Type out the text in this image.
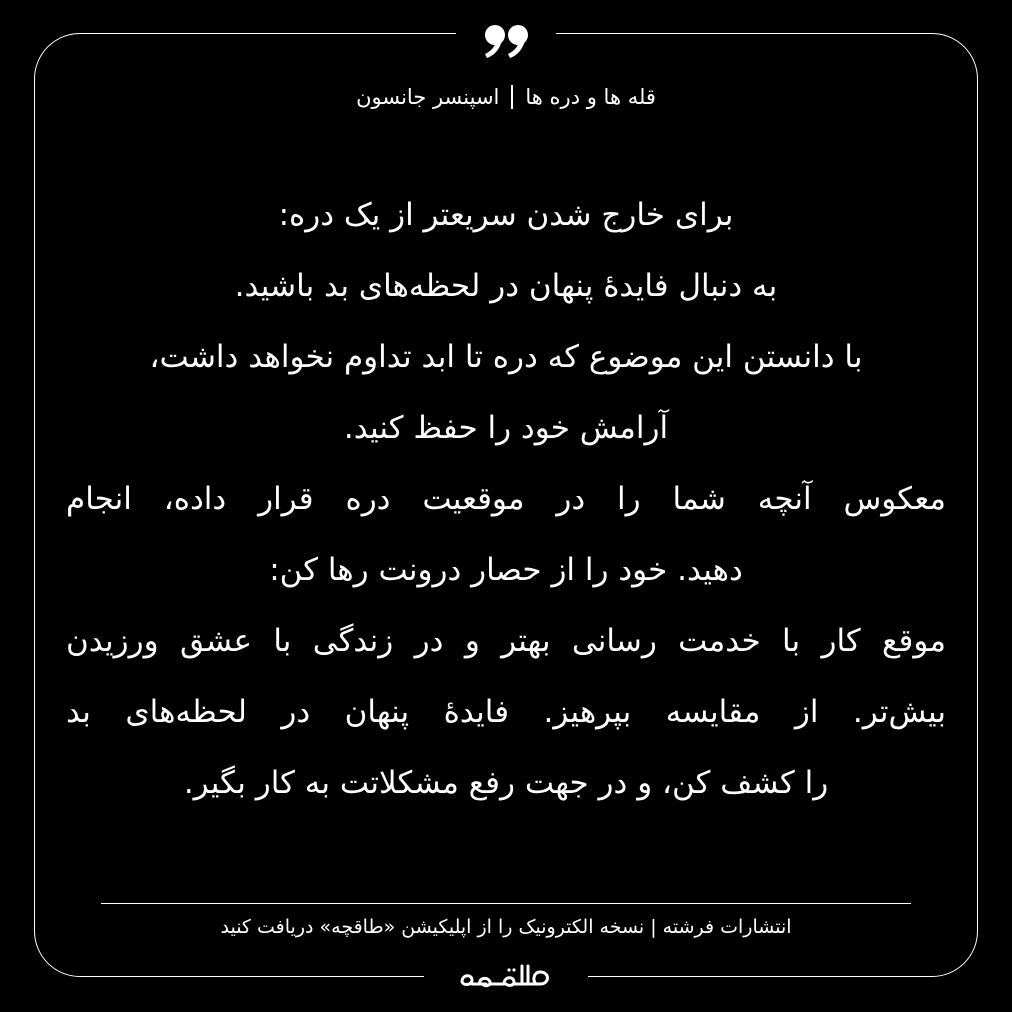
قله ها و دره ها
اسپنسر جانسون
برای خارج شدن سریعتر از یک دره:
به دنبال فایدهٔ پنهان در لحظه‌های بد باشید.
با دانستن این موضوع که دره تا ابد تداوم نخواهد داشت،
آرامش خود را حفظ کنید.
معکوس آنچه شما را در موقعیت دره قرار داده، انجام
دهید. خود را از حصار درونت رها کن:
موقع کار با خدمت رسانی بهتر و در زندگی با عشق ورزیدن
بیش‌تر. از مقایسه بپرهیز. فایدهٔ پنهان در لحظه‌های بد
را کشف کن، و در جهت رفع مشکلاتت به کار بگیر.
انتشارات فرشته | نسخه الکترونیک را از اپلیکیشن «طاقچه» دریافت کنید
